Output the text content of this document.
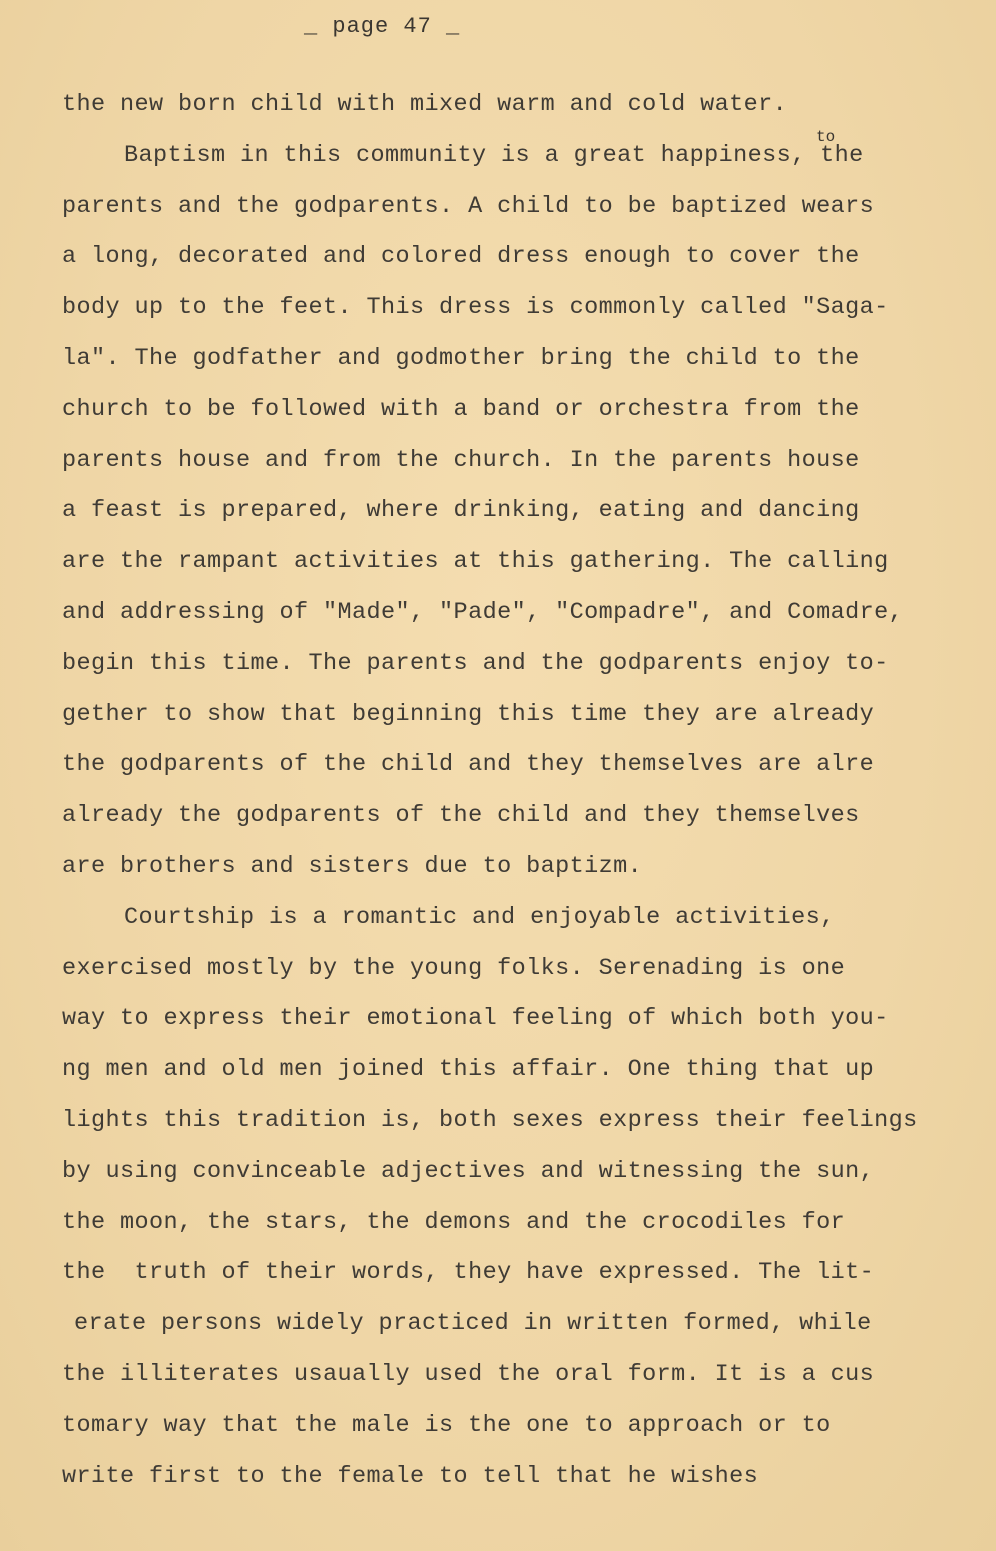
_ page 47 _
to
the new born child with mixed warm and cold water.
Baptism in this community is a great happiness, the
parents and the godparents. A child to be baptized wears
a long, decorated and colored dress enough to cover the
body up to the feet. This dress is commonly called "Saga-
la". The godfather and godmother bring the child to the
church to be followed with a band or orchestra from the
parents house and from the church. In the parents house
a feast is prepared, where drinking, eating and dancing
are the rampant activities at this gathering. The calling
and addressing of "Made", "Pade", "Compadre", and Comadre,
begin this time. The parents and the godparents enjoy to-
gether to show that beginning this time they are already
the godparents of the child and they themselves are alre
already the godparents of the child and they themselves
are brothers and sisters due to baptizm.
Courtship is a romantic and enjoyable activities,
exercised mostly by the young folks. Serenading is one
way to express their emotional feeling of which both you-
ng men and old men joined this affair. One thing that up
lights this tradition is, both sexes express their feelings
by using convinceable adjectives and witnessing the sun,
the moon, the stars, the demons and the crocodiles for
the  truth of their words, they have expressed. The lit-
erate persons widely practiced in written formed, while
the illiterates usaually used the oral form. It is a cus
tomary way that the male is the one to approach or to
write first to the female to tell that he wishes
